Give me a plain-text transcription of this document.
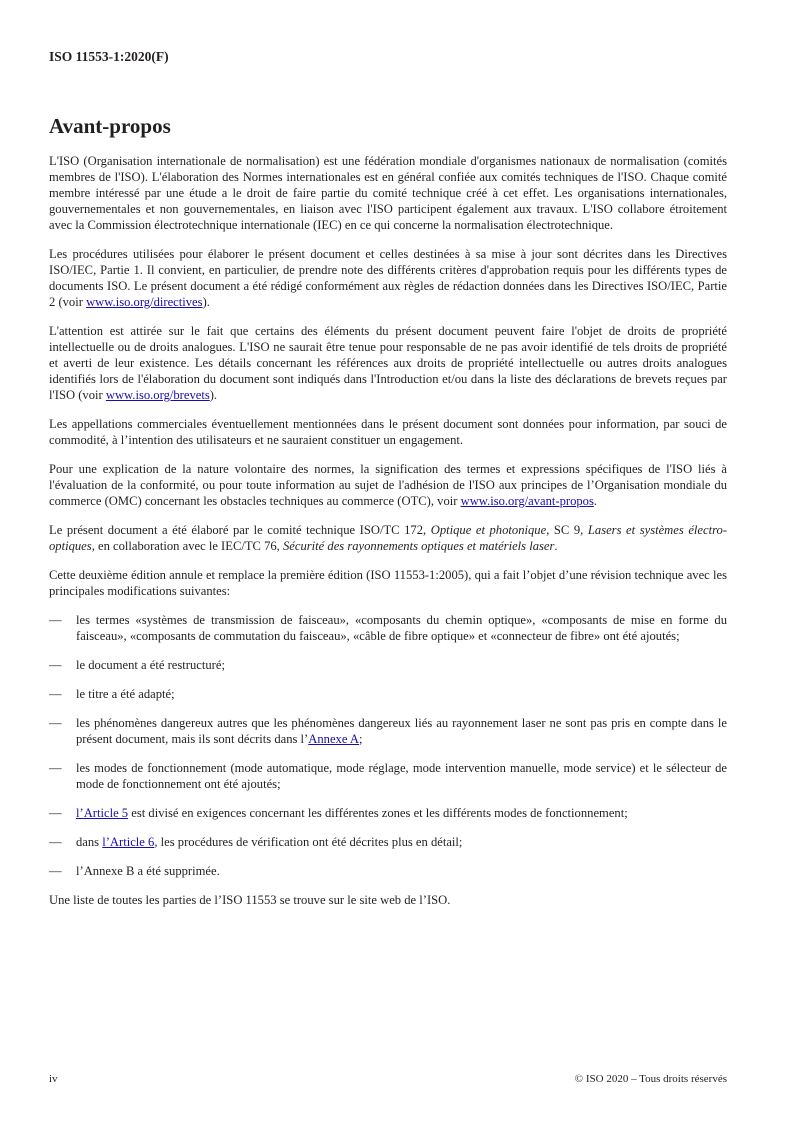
ISO 11553-1:2020(F)
Avant-propos

L'ISO (Organisation internationale de normalisation) est une fédération mondiale d'organismes nationaux de normalisation (comités membres de l'ISO). L'élaboration des Normes internationales est en général confiée aux comités techniques de l'ISO. Chaque comité membre intéressé par une étude a le droit de faire partie du comité technique créé à cet effet. Les organisations internationales, gouvernementales et non gouvernementales, en liaison avec l'ISO participent également aux travaux. L'ISO collabore étroitement avec la Commission électrotechnique internationale (IEC) en ce qui concerne la normalisation électrotechnique.

Les procédures utilisées pour élaborer le présent document et celles destinées à sa mise à jour sont décrites dans les Directives ISO/IEC, Partie 1. Il convient, en particulier, de prendre note des différents critères d'approbation requis pour les différents types de documents ISO. Le présent document a été rédigé conformément aux règles de rédaction données dans les Directives ISO/IEC, Partie 2 (voir www.iso.org/directives).

L'attention est attirée sur le fait que certains des éléments du présent document peuvent faire l'objet de droits de propriété intellectuelle ou de droits analogues. L'ISO ne saurait être tenue pour responsable de ne pas avoir identifié de tels droits de propriété et averti de leur existence. Les détails concernant les références aux droits de propriété intellectuelle ou autres droits analogues identifiés lors de l'élaboration du document sont indiqués dans l'Introduction et/ou dans la liste des déclarations de brevets reçues par l'ISO (voir www.iso.org/brevets).

Les appellations commerciales éventuellement mentionnées dans le présent document sont données pour information, par souci de commodité, à l’intention des utilisateurs et ne sauraient constituer un engagement.

Pour une explication de la nature volontaire des normes, la signification des termes et expressions spécifiques de l'ISO liés à l'évaluation de la conformité, ou pour toute information au sujet de l'adhésion de l'ISO aux principes de l’Organisation mondiale du commerce (OMC) concernant les obstacles techniques au commerce (OTC), voir www.iso.org/avant-propos.

Le présent document a été élaboré par le comité technique ISO/TC 172, Optique et photonique, SC 9, Lasers et systèmes électro-optiques, en collaboration avec le IEC/TC 76, Sécurité des rayonnements optiques et matériels laser.

Cette deuxième édition annule et remplace la première édition (ISO 11553-1:2005), qui a fait l’objet d’une révision technique avec les principales modifications suivantes:

—	les termes «systèmes de transmission de faisceau», «composants du chemin optique», «composants de mise en forme du faisceau», «composants de commutation du faisceau», «câble de fibre optique» et «connecteur de fibre» ont été ajoutés;
—	le document a été restructuré;
—	le titre a été adapté;
—	les phénomènes dangereux autres que les phénomènes dangereux liés au rayonnement laser ne sont pas pris en compte dans le présent document, mais ils sont décrits dans l’Annexe A;
—	les modes de fonctionnement (mode automatique, mode réglage, mode intervention manuelle, mode service) et le sélecteur de mode de fonctionnement ont été ajoutés;
—	l’Article 5 est divisé en exigences concernant les différentes zones et les différents modes de fonctionnement;
—	dans l’Article 6, les procédures de vérification ont été décrites plus en détail;
—	l’Annexe B a été supprimée.

Une liste de toutes les parties de l’ISO 11553 se trouve sur le site web de l’ISO.

iv	© ISO 2020 – Tous droits réservés
